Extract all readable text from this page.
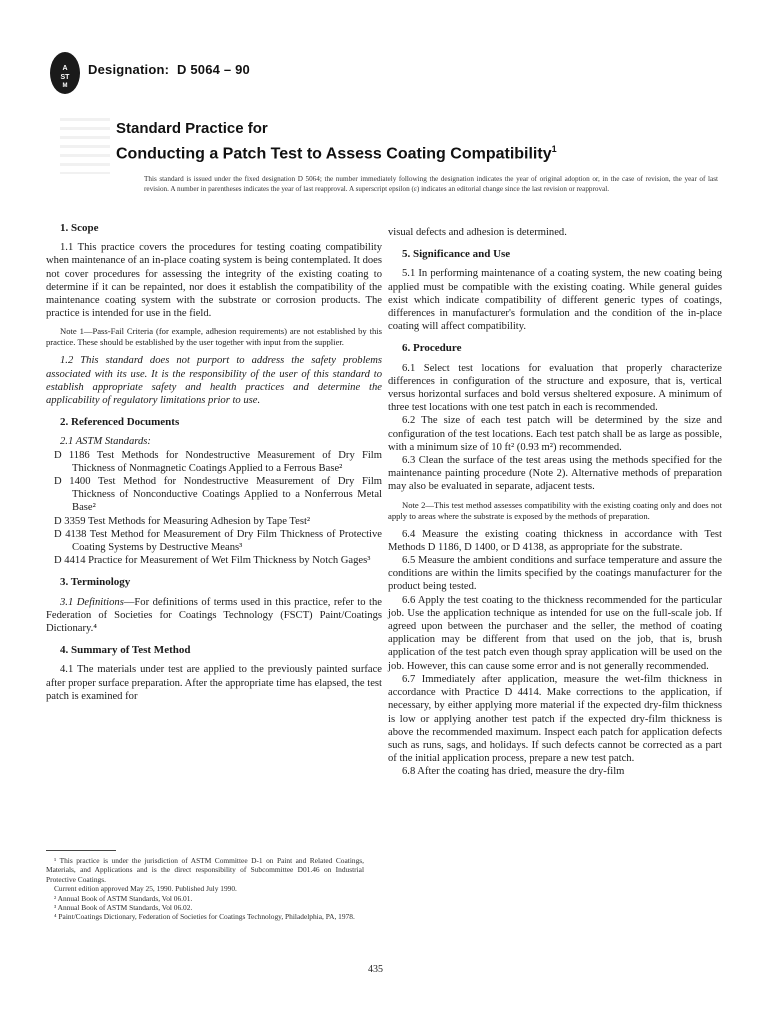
A
ST
M
Designation: D 5064 – 90
Standard Practice for
Conducting a Patch Test to Assess Coating Compatibility$^1$
This standard is issued under the fixed designation D 5064; the number immediately following the designation indicates the year of original adoption or, in the case of revision, the year of last revision. A number in parentheses indicates the year of last reapproval. A superscript epsilon (ε) indicates an editorial change since the last revision or reapproval.

1. Scope

1.1 This practice covers the procedures for testing coating compatibility when maintenance of an in-place coating system is being contemplated. It does not cover procedures for assessing the integrity of the existing coating to determine if it can be repainted, nor does it establish the compatibility of the maintenance coating system with the substrate or corrosion products. The practice is intended for use in the field.

Note 1—Pass-Fail Criteria (for example, adhesion requirements) are not established by this practice. These should be established by the user together with input from the supplier.

1.2 This standard does not purport to address the safety problems associated with its use. It is the responsibility of the user of this standard to establish appropriate safety and health practices and determine the applicability of regulatory limitations prior to use.

2. Referenced Documents

2.1 ASTM Standards:

D 1186 Test Methods for Nondestructive Measurement of Dry Film Thickness of Nonmagnetic Coatings Applied to a Ferrous Base²
D 1400 Test Method for Nondestructive Measurement of Dry Film Thickness of Nonconductive Coatings Applied to a Nonferrous Metal Base²
D 3359 Test Methods for Measuring Adhesion by Tape Test²
D 4138 Test Method for Measurement of Dry Film Thickness of Protective Coating Systems by Destructive Means³
D 4414 Practice for Measurement of Wet Film Thickness by Notch Gages³

3. Terminology

3.1 Definitions—For definitions of terms used in this practice, refer to the Federation of Societies for Coatings Technology (FSCT) Paint/Coatings Dictionary.⁴

4. Summary of Test Method

4.1 The materials under test are applied to the previously painted surface after proper surface preparation. After the appropriate time has elapsed, the test patch is examined for

¹ This practice is under the jurisdiction of ASTM Committee D-1 on Paint and Related Coatings, Materials, and Applications and is the direct responsibility of Subcommittee D01.46 on Industrial Protective Coatings.

Current edition approved May 25, 1990. Published July 1990.

² Annual Book of ASTM Standards, Vol 06.01.

³ Annual Book of ASTM Standards, Vol 06.02.

⁴ Paint/Coatings Dictionary, Federation of Societies for Coatings Technology, Philadelphia, PA, 1978.

visual defects and adhesion is determined.

5. Significance and Use

5.1 In performing maintenance of a coating system, the new coating being applied must be compatible with the existing coating. While general guides exist which indicate compatibility of different generic types of coatings, differences in manufacturer's formulation and the condition of the in-place coating will affect compatibility.

6. Procedure

6.1 Select test locations for evaluation that properly characterize differences in configuration of the structure and exposure, that is, vertical versus horizontal surfaces and bold versus sheltered exposure. A minimum of three test locations with one test patch in each is recommended.

6.2 The size of each test patch will be determined by the size and configuration of the test locations. Each test patch shall be as large as possible, with a minimum size of 10 ft² (0.93 m²) recommended.

6.3 Clean the surface of the test areas using the methods specified for the maintenance painting procedure (Note 2). Alternative methods of preparation may also be evaluated in separate, adjacent tests.

Note 2—This test method assesses compatibility with the existing coating only and does not apply to areas where the substrate is exposed by the methods of preparation.

6.4 Measure the existing coating thickness in accordance with Test Methods D 1186, D 1400, or D 4138, as appropriate for the substrate.

6.5 Measure the ambient conditions and surface temperature and assure the conditions are within the limits specified by the coatings manufacturer for the product being tested.

6.6 Apply the test coating to the thickness recommended for the particular job. Use the application technique as intended for use on the full-scale job. If agreed upon between the purchaser and the seller, the method of coating application may be different from that used on the job, that is, brush application of the test patch even though spray application will be used on the job. However, this can cause some error and is not generally recommended.

6.7 Immediately after application, measure the wet-film thickness in accordance with Practice D 4414. Make corrections to the application, if necessary, by either applying more material if the expected dry-film thickness is low or applying another test patch if the expected dry-film thickness is above the recommended maximum. Inspect each patch for application defects such as runs, sags, and holidays. If such defects cannot be corrected as a part of the initial application process, prepare a new test patch.

6.8 After the coating has dried, measure the dry-film

435
